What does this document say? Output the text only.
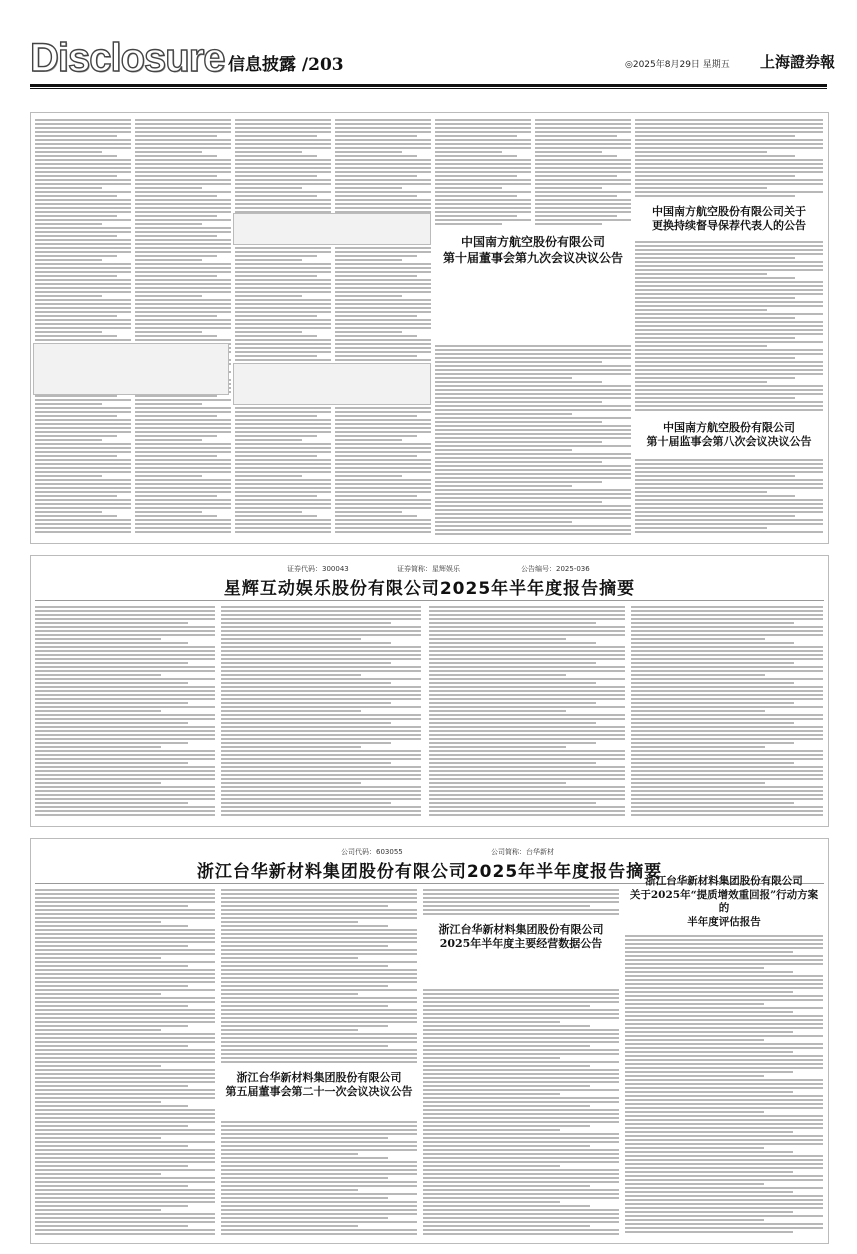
Disclosure 信息披露 /203	◎2025年8月29日 星期五 上海證券報
中国南方航空股份有限公司
第十届董事会第九次会议决议公告
中国南方航空股份有限公司关于
更换持续督导保荐代表人的公告
中国南方航空股份有限公司
第十届监事会第八次会议决议公告
证券代码：300043	证券简称：星辉娱乐	公告编号：2025-036
星辉互动娱乐股份有限公司2025年半年度报告摘要
公司代码：603055	公司简称：台华新材
浙江台华新材料集团股份有限公司2025年半年度报告摘要
浙江台华新材料集团股份有限公司
2025年半年度主要经营数据公告
浙江台华新材料集团股份有限公司
第五届董事会第二十一次会议决议公告
浙江台华新材料集团股份有限公司
关于2025年“提质增效重回报”行动方案的
半年度评估报告
